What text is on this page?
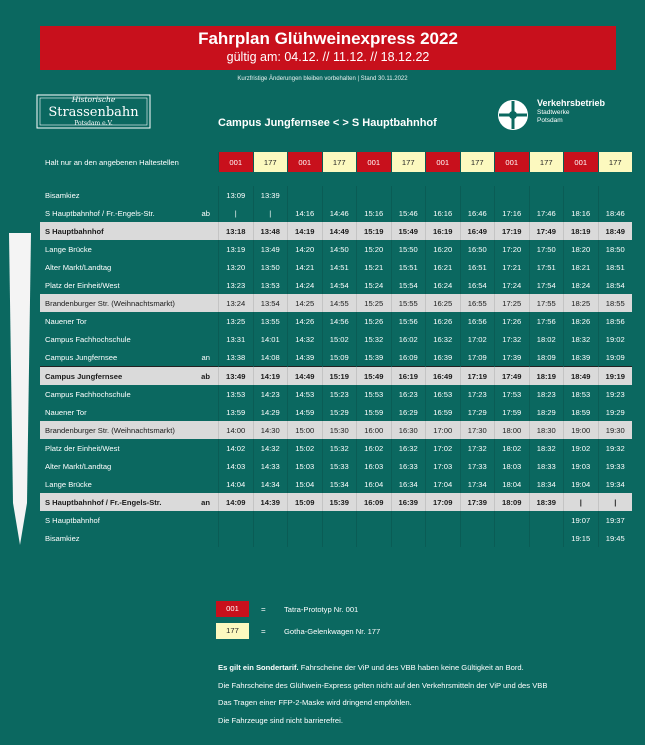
Fahrplan Glühweinexpress 2022
gültig am: 04.12. // 11.12. // 18.12.22
Kurzfristige Änderungen bleiben vorbehalten | Stand 30.11.2022
Historische
Strassenbahn
Potsdam e.V.	Campus Jungfernsee < > S Hauptbahnhof
Verkehrsbetrieb
Stadtwerke
Potsdam
Halt nur an den angebenen Haltestellen	001	177	001	177	001	177	001	177	001	177	001	177

Bisamkiez	13:09	13:39										
S Hauptbahnhof / Fr.-Engels-Str. ab	|	|	14:16	14:46	15:16	15:46	16:16	16:46	17:16	17:46	18:16	18:46
S Hauptbahnhof	13:18	13:48	14:19	14:49	15:19	15:49	16:19	16:49	17:19	17:49	18:19	18:49
Lange Brücke	13:19	13:49	14:20	14:50	15:20	15:50	16:20	16:50	17:20	17:50	18:20	18:50
Alter Markt/Landtag	13:20	13:50	14:21	14:51	15:21	15:51	16:21	16:51	17:21	17:51	18:21	18:51
Platz der Einheit/West	13:23	13:53	14:24	14:54	15:24	15:54	16:24	16:54	17:24	17:54	18:24	18:54
Brandenburger Str. (Weihnachtsmarkt)	13:24	13:54	14:25	14:55	15:25	15:55	16:25	16:55	17:25	17:55	18:25	18:55
Nauener Tor	13:25	13:55	14:26	14:56	15:26	15:56	16:26	16:56	17:26	17:56	18:26	18:56
Campus Fachhochschule	13:31	14:01	14:32	15:02	15:32	16:02	16:32	17:02	17:32	18:02	18:32	19:02
Campus Jungfernsee an	13:38	14:08	14:39	15:09	15:39	16:09	16:39	17:09	17:39	18:09	18:39	19:09
Campus Jungfernsee ab	13:49	14:19	14:49	15:19	15:49	16:19	16:49	17:19	17:49	18:19	18:49	19:19
Campus Fachhochschule	13:53	14:23	14:53	15:23	15:53	16:23	16:53	17:23	17:53	18:23	18:53	19:23
Nauener Tor	13:59	14:29	14:59	15:29	15:59	16:29	16:59	17:29	17:59	18:29	18:59	19:29
Brandenburger Str. (Weihnachtsmarkt)	14:00	14:30	15:00	15:30	16:00	16:30	17:00	17:30	18:00	18:30	19:00	19:30
Platz der Einheit/West	14:02	14:32	15:02	15:32	16:02	16:32	17:02	17:32	18:02	18:32	19:02	19:32
Alter Markt/Landtag	14:03	14:33	15:03	15:33	16:03	16:33	17:03	17:33	18:03	18:33	19:03	19:33
Lange Brücke	14:04	14:34	15:04	15:34	16:04	16:34	17:04	17:34	18:04	18:34	19:04	19:34
S Hauptbahnhof / Fr.-Engels-Str. an	14:09	14:39	15:09	15:39	16:09	16:39	17:09	17:39	18:09	18:39	|	|
S Hauptbahnhof											19:07	19:37
Bisamkiez											19:15	19:45
001	= Tatra-Prototyp Nr. 001
177	= Gotha-Gelenkwagen Nr. 177
Es gilt ein Sondertarif. Fahrscheine der ViP und des VBB haben keine Gültigkeit an Bord.
Die Fahrscheine des Glühwein-Express gelten nicht auf den Verkehrsmitteln der ViP und des VBB
Das Tragen einer FFP-2-Maske wird dringend empfohlen.
Die Fahrzeuge sind nicht barrierefrei.
